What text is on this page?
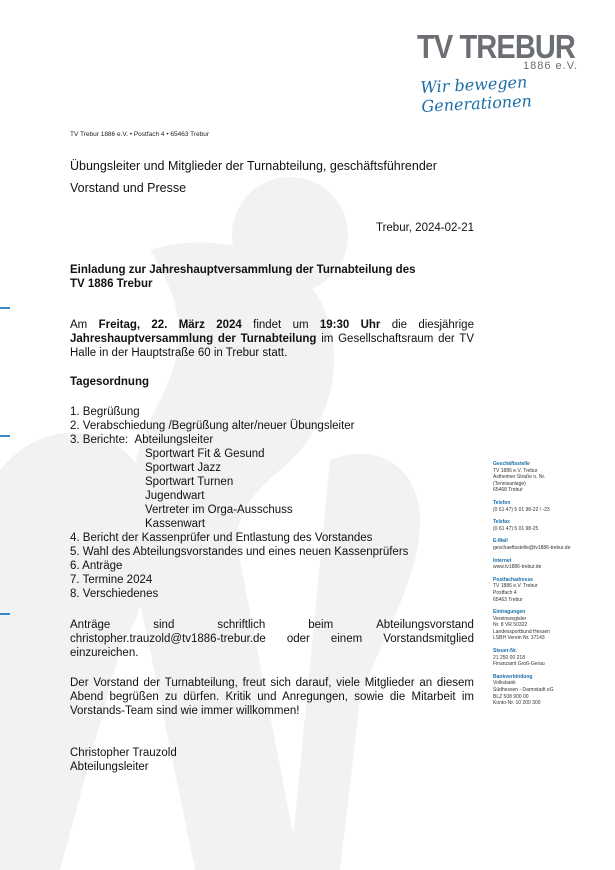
TV TREBUR
1886 e.V.
Wir bewegen Generationen
TV Trebur 1886 e.V. • Postfach 4 • 65463 Trebur
Übungsleiter und Mitglieder der Turnabteilung, geschäftsführender
Vorstand und Presse
Trebur, 2024-02-21
Einladung zur Jahreshauptversammlung der Turnabteilung des
TV 1886 Trebur

Am Freitag, 22. März 2024 findet um 19:30 Uhr die diesjährige Jahreshauptversammlung der Turnabteilung im Gesellschaftsraum der TV Halle in der Hauptstraße 60 in Trebur statt.

Tagesordnung
1. Begrüßung
2. Verabschiedung /Begrüßung alter/neuer Übungsleiter
3. Berichte:  Abteilungsleiter
Sportwart Fit & Gesund
Sportwart Jazz
Sportwart Turnen
Jugendwart
Vertreter im Orga-Ausschuss
Kassenwart
4. Bericht der Kassenprüfer und Entlastung des Vorstandes
5. Wahl des Abteilungsvorstandes und eines neuen Kassenprüfers
6. Anträge
7. Termine 2024
8. Verschiedenes
Anträge	sind	schriftlich	beim	Abteilungsvorstand
christopher.trauzold@tv1886-trebur.de oder einem Vorstandsmitglied
einzureichen.

Der Vorstand der Turnabteilung, freut sich darauf, viele Mitglieder an diesem Abend begrüßen zu dürfen. Kritik und Anregungen, sowie die Mitarbeit im Vorstands-Team sind wie immer willkommen!

Christopher Trauzold
Abteilungsleiter
Geschäftsstelle
TV 1886 e.V. Trebur
Astheimer Straße o. Nr.
(Tennisanlage)
65468 Trebur
Telefon
(0 61 47) 5 01 98-22 / -23
Telefax
(0 61 47) 5 01 98-25
E-Mail
geschaeftsstelle@tv1886-trebur.de
Internet
www.tv1886-trebur.de
Postfachadresse
TV 1886 e.V. Trebur
Postfach 4
65463 Trebur
Eintragungen
Vereinsregister
Nr. 8 VR 50322
Landessportbund Hessen
LSBH Verein Nr. 37143
Steuer-Nr.
21 250 00 218
Finanzamt Groß-Gerau
Bankverbindung
Volksbank
Südhessen - Darmstadt eG
BLZ 508 900 00
Konto-Nr. 10 200 300
